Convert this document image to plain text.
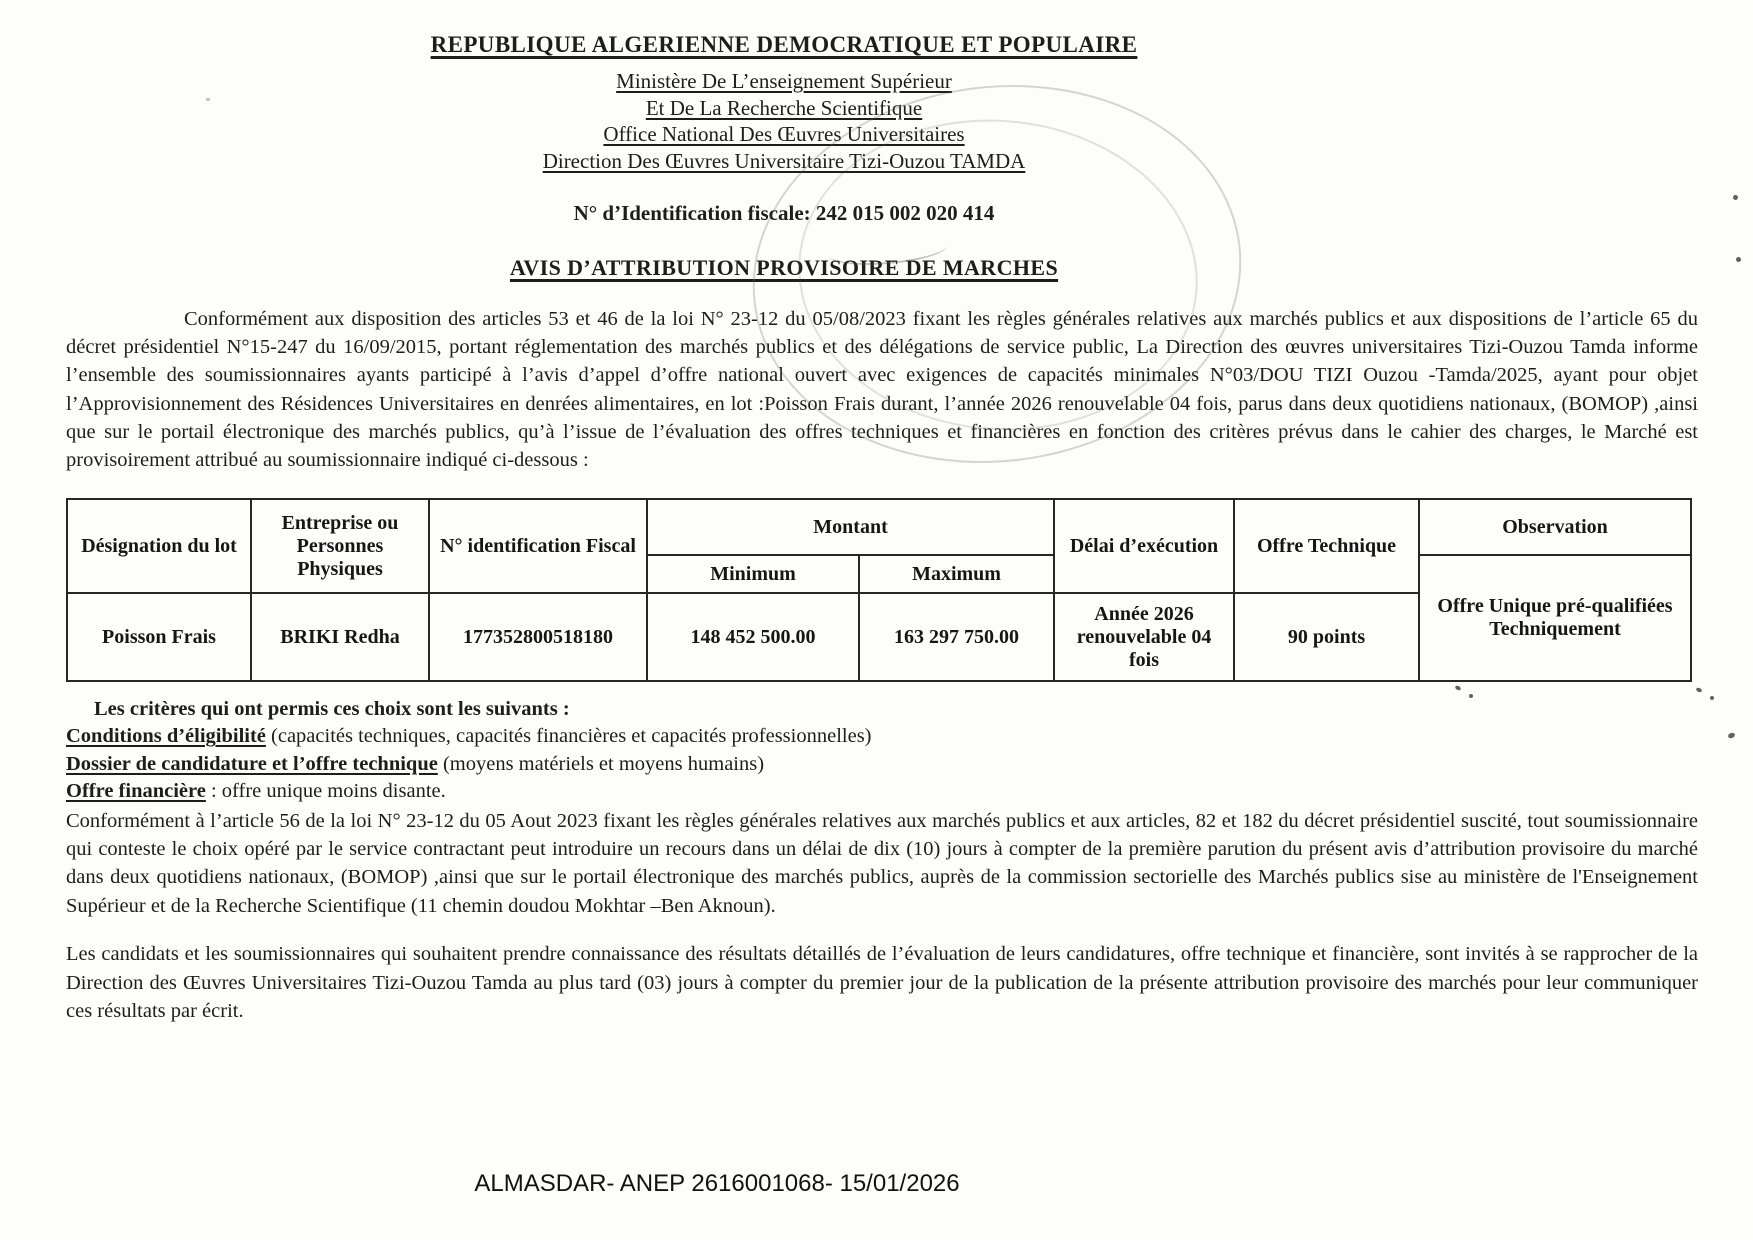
REPUBLIQUE ALGERIENNE DEMOCRATIQUE ET POPULAIRE
Ministère De L’enseignement Supérieur
Et De La Recherche Scientifique
Office National Des Œuvres Universitaires
Direction Des Œuvres Universitaire Tizi-Ouzou TAMDA
N° d’Identification fiscale: 242 015 002 020 414
AVIS D’ATTRIBUTION PROVISOIRE DE MARCHES

Conformément aux disposition des articles 53 et 46 de la loi N° 23-12 du 05/08/2023 fixant les règles générales relatives aux marchés publics et aux dispositions de l’article 65 du décret présidentiel N°15-247 du 16/09/2015, portant réglementation des marchés publics et des délégations de service public, La Direction des œuvres universitaires Tizi-Ouzou Tamda informe l’ensemble des soumissionnaires ayants participé à l’avis d’appel d’offre national ouvert avec exigences de capacités minimales N°03/DOU TIZI Ouzou -Tamda/2025, ayant pour objet l’Approvisionnement des Résidences Universitaires en denrées alimentaires, en lot :Poisson Frais durant, l’année 2026 renouvelable 04 fois, parus dans deux quotidiens nationaux, (BOMOP) ,ainsi que sur le portail électronique des marchés publics, qu’à l’issue de l’évaluation des offres techniques et financières en fonction des critères prévus dans le cahier des charges, le Marché est provisoirement attribué au soumissionnaire indiqué ci-dessous :

Désignation du lot	Entreprise ou Personnes Physiques	N° identification Fiscal	Montant		Délai d’exécution	Offre Technique	Observation
			Minimum	Maximum			Offre Unique pré-qualifiées Techniquement
Poisson Frais	BRIKI Redha	177352800518180	148 452 500.00	163 297 750.00	Année 2026 renouvelable 04 fois	90 points	
Les critères qui ont permis ces choix sont les suivants :
Conditions d’éligibilité (capacités techniques, capacités financières et capacités professionnelles)
Dossier de candidature et l’offre technique (moyens matériels et moyens humains)
Offre financière : offre unique moins disante.

Conformément à l’article 56 de la loi N° 23-12 du 05 Aout 2023 fixant les règles générales relatives aux marchés publics et aux articles, 82 et 182 du décret présidentiel suscité, tout soumissionnaire qui conteste le choix opéré par le service contractant peut introduire un recours dans un délai de dix (10) jours à compter de la première parution du présent avis d’attribution provisoire du marché dans deux quotidiens nationaux, (BOMOP) ,ainsi que sur le portail électronique des marchés publics, auprès de la commission sectorielle des Marchés publics sise au ministère de l'Enseignement Supérieur et de la Recherche Scientifique (11 chemin doudou Mokhtar –Ben Aknoun).

Les candidats et les soumissionnaires qui souhaitent prendre connaissance des résultats détaillés de l’évaluation de leurs candidatures, offre technique et financière, sont invités à se rapprocher de la Direction des Œuvres Universitaires Tizi-Ouzou Tamda au plus tard (03) jours à compter du premier jour de la publication de la présente attribution provisoire des marchés pour leur communiquer ces résultats par écrit.

ALMASDAR- ANEP 2616001068- 15/01/2026
